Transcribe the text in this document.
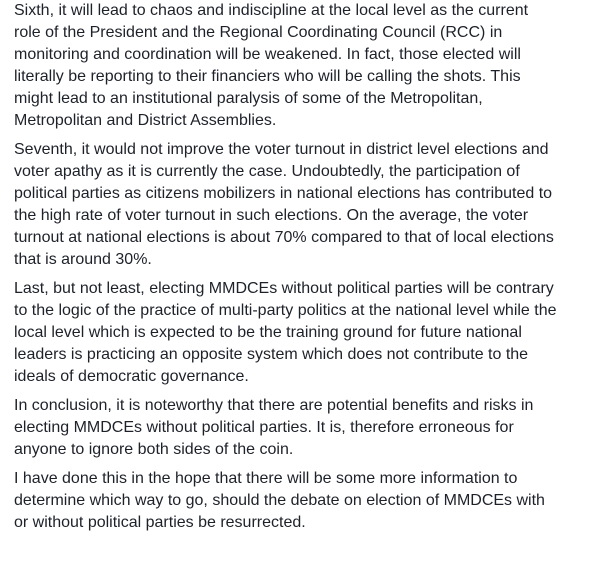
Sixth, it will lead to chaos and indiscipline at the local level as the current
role of the President and the Regional Coordinating Council (RCC) in
monitoring and coordination will be weakened. In fact, those elected will
literally be reporting to their financiers who will be calling the shots. This
might lead to an institutional paralysis of some of the Metropolitan,
Metropolitan and District Assemblies.

Seventh, it would not improve the voter turnout in district level elections and
voter apathy as it is currently the case. Undoubtedly, the participation of
political parties as citizens mobilizers in national elections has contributed to
the high rate of voter turnout in such elections. On the average, the voter
turnout at national elections is about 70% compared to that of local elections
that is around 30%.

Last, but not least, electing MMDCEs without political parties will be contrary
to the logic of the practice of multi-party politics at the national level while the
local level which is expected to be the training ground for future national
leaders is practicing an opposite system which does not contribute to the
ideals of democratic governance.

In conclusion, it is noteworthy that there are potential benefits and risks in
electing MMDCEs without political parties. It is, therefore erroneous for
anyone to ignore both sides of the coin.

I have done this in the hope that there will be some more information to
determine which way to go, should the debate on election of MMDCEs with
or without political parties be resurrected.
